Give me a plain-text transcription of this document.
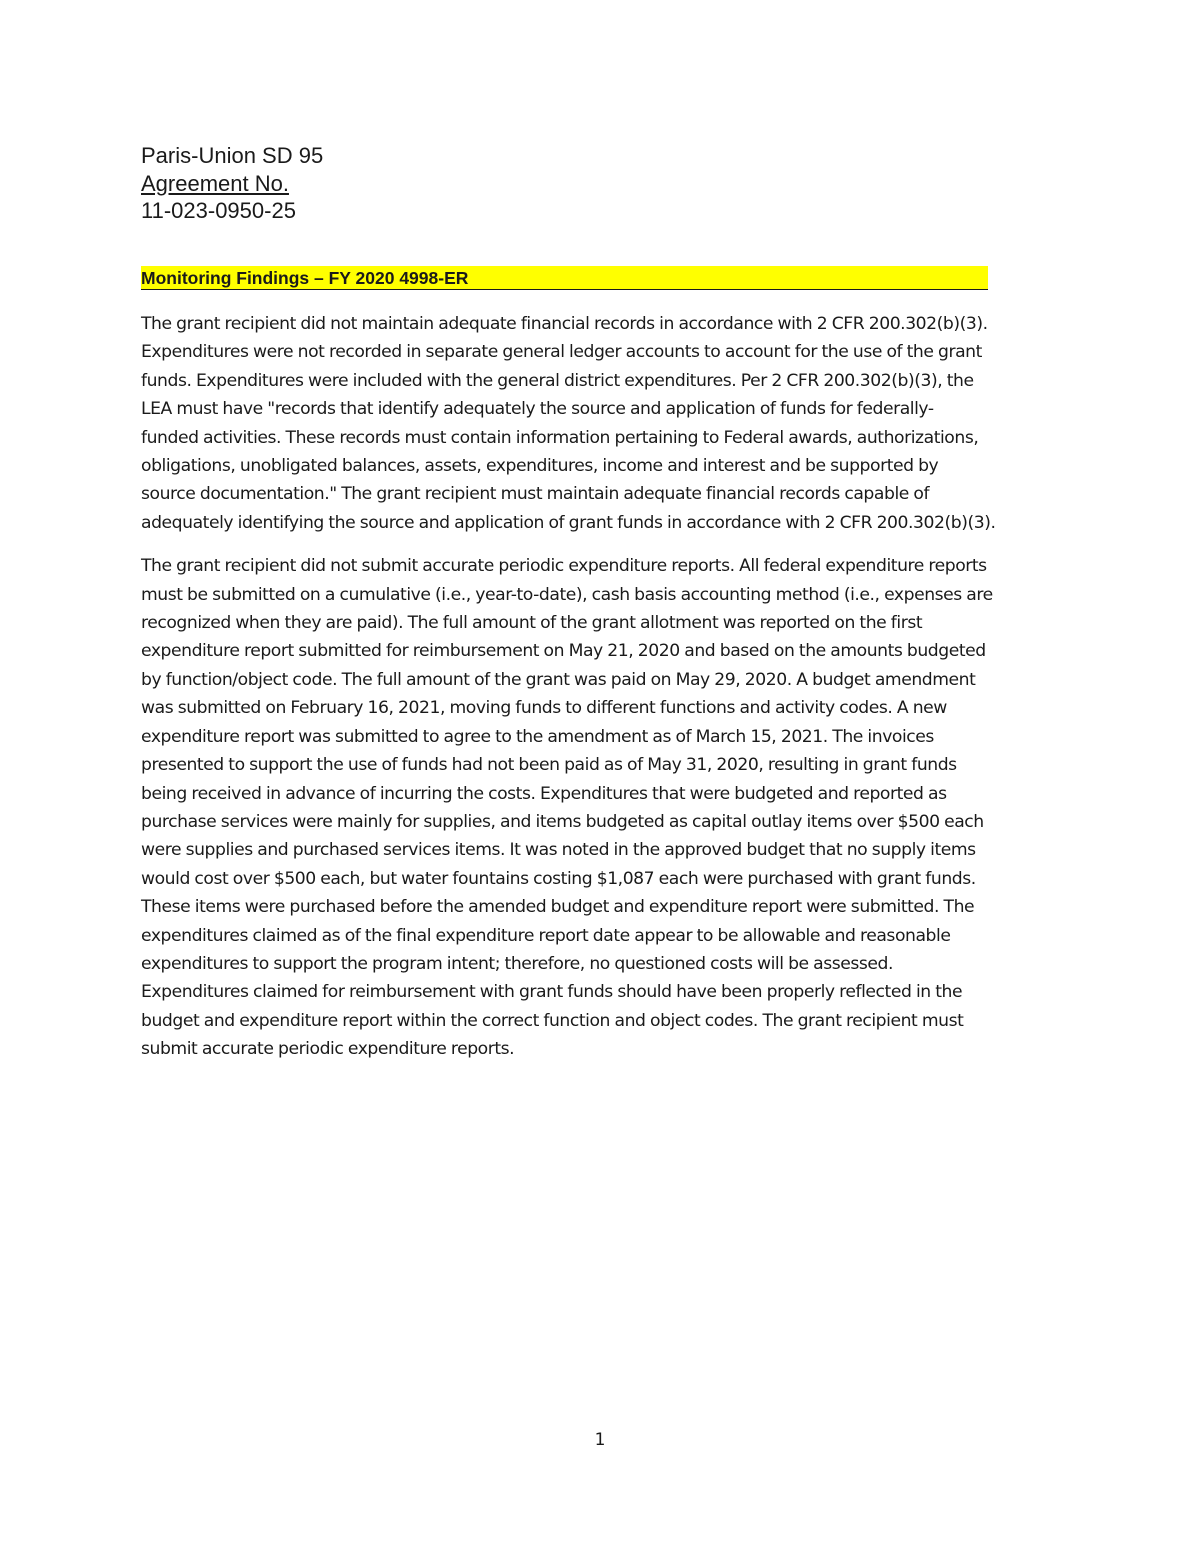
Paris-Union SD 95
Agreement No.
11-023-0950-25
Monitoring Findings – FY 2020 4998-ER

The grant recipient did not maintain adequate financial records in accordance with 2 CFR 200.302(b)(3).
Expenditures were not recorded in separate general ledger accounts to account for the use of the grant
funds. Expenditures were included with the general district expenditures. Per 2 CFR 200.302(b)(3), the
LEA must have "records that identify adequately the source and application of funds for federally-
funded activities. These records must contain information pertaining to Federal awards, authorizations,
obligations, unobligated balances, assets, expenditures, income and interest and be supported by
source documentation." The grant recipient must maintain adequate financial records capable of
adequately identifying the source and application of grant funds in accordance with 2 CFR 200.302(b)(3).

The grant recipient did not submit accurate periodic expenditure reports. All federal expenditure reports
must be submitted on a cumulative (i.e., year-to-date), cash basis accounting method (i.e., expenses are
recognized when they are paid). The full amount of the grant allotment was reported on the first
expenditure report submitted for reimbursement on May 21, 2020 and based on the amounts budgeted
by function/object code. The full amount of the grant was paid on May 29, 2020. A budget amendment
was submitted on February 16, 2021, moving funds to different functions and activity codes. A new
expenditure report was submitted to agree to the amendment as of March 15, 2021. The invoices
presented to support the use of funds had not been paid as of May 31, 2020, resulting in grant funds
being received in advance of incurring the costs. Expenditures that were budgeted and reported as
purchase services were mainly for supplies, and items budgeted as capital outlay items over $500 each
were supplies and purchased services items. It was noted in the approved budget that no supply items
would cost over $500 each, but water fountains costing $1,087 each were purchased with grant funds.
These items were purchased before the amended budget and expenditure report were submitted. The
expenditures claimed as of the final expenditure report date appear to be allowable and reasonable
expenditures to support the program intent; therefore, no questioned costs will be assessed.
Expenditures claimed for reimbursement with grant funds should have been properly reflected in the
budget and expenditure report within the correct function and object codes. The grant recipient must
submit accurate periodic expenditure reports.

1
